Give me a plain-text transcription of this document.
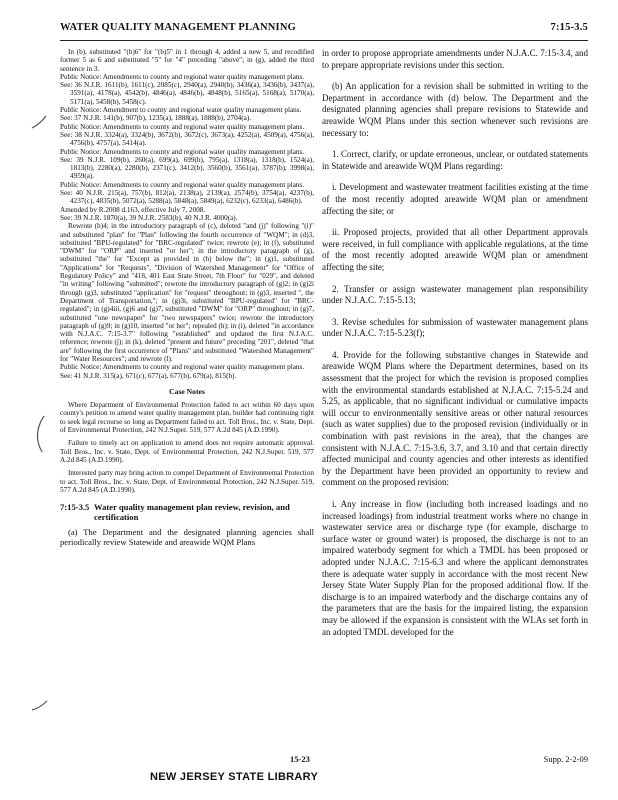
WATER QUALITY MANAGEMENT PLANNING	7:15-3.5

In (b), substituted "(b)6" for "(b)5" in 1 through 4, added a new 5, and recodified former 5 as 6 and substituted "5" for "4" preceding "above"; in (g), added the third sentence in 3.

Public Notice: Amendments to county and regional water quality management plans.

See: 36 N.J.R. 1611(b), 1611(c), 2085(c), 2940(a), 2940(b), 3436(a), 3436(b), 3437(a), 3591(a), 4178(a), 4542(b), 4846(a), 4846(b), 4848(b), 5165(a), 5168(a), 5170(a), 5171(a), 5458(b), 5458(c).

Public Notice: Amendment to county and regional water quality management plans.

See: 37 N.J.R. 141(b), 907(b), 1235(a), 1888(a), 1888(b), 2704(a).

Public Notice: Amendments to county and regional water quality management plans.

See: 38 N.J.R. 3324(a), 3324(b), 3672(b), 3672(c), 3673(a), 4252(a), 4509(a), 4756(a), 4756(b), 4757(a), 5414(a).

Public Notice: Amendments to county and regional water quality management plans.

See: 39 N.J.R. 109(b), 260(a), 699(a), 699(b), 795(a), 1318(a), 1318(b), 1524(a), 1813(b), 2280(a), 2280(b), 2371(c), 3412(b), 3560(b), 3561(a), 3787(b), 3998(a), 4959(a).

Public Notice: Amendments to county and regional water quality management plans.

See: 40 N.J.R. 215(a), 757(b), 812(a), 2138(a), 2139(a), 2574(b), 3754(a), 4237(b), 4237(c), 4835(b), 5072(a), 5288(a), 5848(a), 5849(a), 6232(c), 6233(a), 6486(b).

Amended by R.2008 d.163, effective July 7, 2008.

See: 39 N.J.R. 1870(a), 39 N.J.R. 2583(b), 40 N.J.R. 4000(a).

Rewrote (b)4; in the introductory paragraph of (c), deleted "and (j)" following "(i)" and substituted "plan" for "Plan" following the fourth occurrence of "WQM"; in (d)3, substituted "BPU-regulated" for "BRC-regulated" twice; rewrote (e); in (f), substituted "DWM" for "ORP" and inserted "or her"; in the introductory paragraph of (g), substituted "the" for "Except as provided in (h) below the"; in (g)1, substituted "Applications" for "Requests", "Division of Watershed Management" for "Office of Regulatory Policy" and "418, 401 East State Street, 7th Floor" for "029", and deleted "in writing" following "submitted"; rewrote the introductory paragraph of (g)2; in (g)2i through (g)3, substituted "application" for "request" throughout; in (g)3, inserted ", the Department of Transportation,"; in (g)3i, substituted "BPU-regulated" for "BRC-regulated"; in (g)4iii, (g)6 and (g)7, substituted "DWM" for "ORP" throughout; in (g)7, substituted "one newspaper" for "two newspapers" twice; rewrote the introductory paragraph of (g)9; in (g)10, inserted "or her"; repealed (h); in (i), deleted "in accordance with N.J.A.C. 7:15-3.7" following "established" and updated the first N.J.A.C. reference; rewrote (j); in (k), deleted "present and future" preceding "201", deleted "that are" following the first occurrence of "Plans" and substituted "Watershed Management" for "Water Resources"; and rewrote (l).

Public Notice: Amendments to county and regional water quality management plans.

See: 41 N.J.R. 315(a), 671(c), 677(a), 677(b), 679(a), 815(b).

Case Notes

Where Department of Environmental Protection failed to act within 60 days upon county's petition to amend water quality management plan, builder had continuing right to seek legal recourse so long as Department failed to act. Toll Bros., Inc. v. State, Dept. of Environmental Protection, 242 N.J.Super. 519, 577 A.2d 845 (A.D.1990).

Failure to timely act on application to amend does not require automatic approval. Toll Bros., Inc. v. State, Dept. of Environmental Protection, 242 N.J.Super. 519, 577 A.2d 845 (A.D.1990).

Interested party may bring action to compel Department of Environmental Protection to act. Toll Bros., Inc. v. State, Dept. of Environmental Protection, 242 N.J.Super. 519, 577 A.2d 845 (A.D.1990).

7:15-3.5 Water quality management plan review, revision, and certification
(a) The Department and the designated planning agencies shall periodically review Statewide and areawide WQM Plans

in order to propose appropriate amendments under N.J.A.C. 7:15-3.4, and to prepare appropriate revisions under this section.

(b) An application for a revision shall be submitted in writing to the Department in accordance with (d) below. The Department and the designated planning agencies shall prepare revisions to Statewide and areawide WQM Plans under this section whenever such revisions are necessary to:

1. Correct, clarify, or update erroneous, unclear, or outdated statements in Statewide and areawide WQM Plans regarding:

i. Development and wastewater treatment facilities existing at the time of the most recently adopted areawide WQM plan or amendment affecting the site; or

ii. Proposed projects, provided that all other Department approvals were received, in full compliance with applicable regulations, at the time of the most recently adopted areawide WQM plan or amendment affecting the site;

2. Transfer or assign wastewater management plan responsibility under N.J.A.C. 7:15-5.13;

3. Revise schedules for submission of wastewater management plans under N.J.A.C. 7:15-5.23(f);

4. Provide for the following substantive changes in Statewide and areawide WQM Plans where the Department determines, based on its assessment that the project for which the revision is proposed complies with the environmental standards established at N.J.A.C. 7:15-5.24 and 5.25, as applicable, that no significant individual or cumulative impacts will occur to environmentally sensitive areas or other natural resources (such as water supplies) due to the proposed revision (individually or in combination with past revisions in the area), that the changes are consistent with N.J.A.C. 7:15-3.6, 3.7, and 3.10 and that certain directly affected municipal and county agencies and other interests as identified by the Department have been provided an opportunity to review and comment on the proposed revision:

i. Any increase in flow (including both increased loadings and no increased loadings) from industrial treatment works where no change in wastewater service area or discharge type (for example, discharge to surface water or ground water) is proposed, the discharge is not to an impaired waterbody segment for which a TMDL has been proposed or adopted under N.J.A.C. 7:15-6.3 and where the applicant demonstrates there is adequate water supply in accordance with the most recent New Jersey State Water Supply Plan for the proposed additional flow. If the discharge is to an impaired waterbody and the discharge contains any of the parameters that are the basis for the impaired listing, the expansion may be allowed if the expansion is consistent with the WLAs set forth in an adopted TMDL developed for the

15-23	Supp. 2-2-09
NEW JERSEY STATE LIBRARY
